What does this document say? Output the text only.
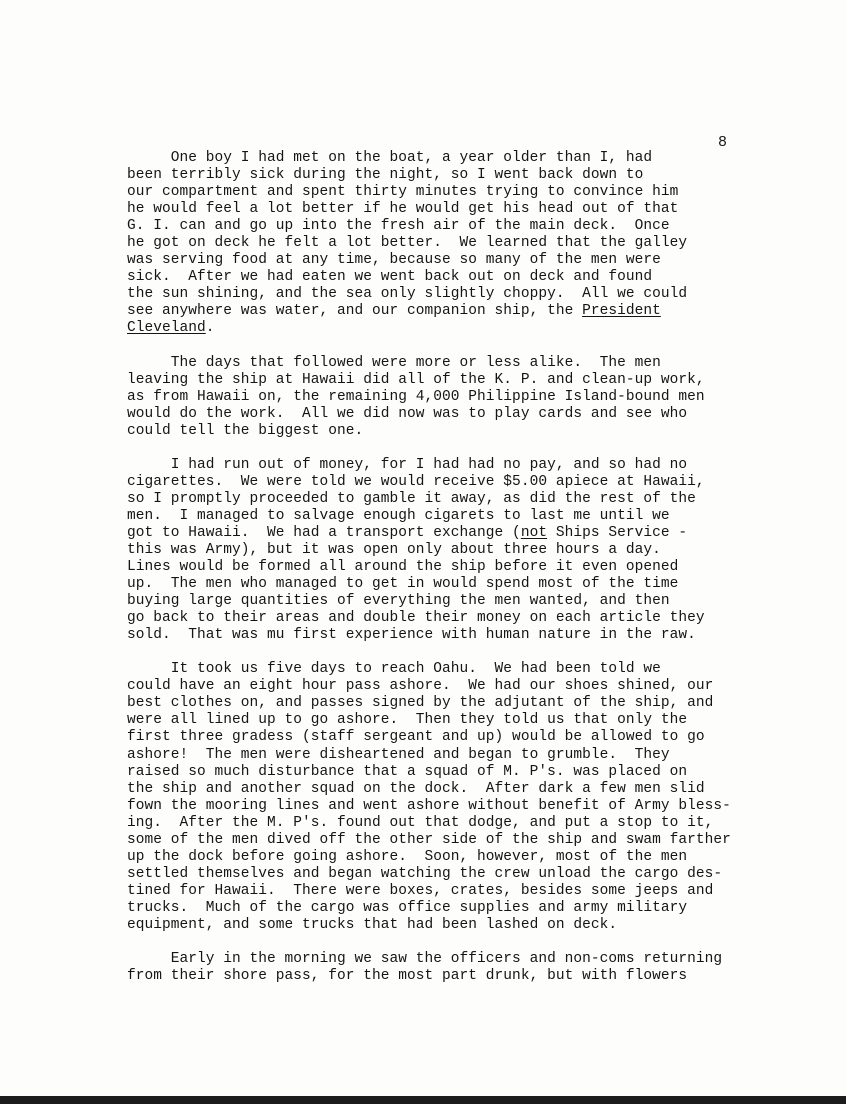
8

One boy I had met on the boat, a year older than I, had
been terribly sick during the night, so I went back down to
our compartment and spent thirty minutes trying to convince him
he would feel a lot better if he would get his head out of that
G. I. can and go up into the fresh air of the main deck.  Once
he got on deck he felt a lot better.  We learned that the galley
was serving food at any time, because so many of the men were
sick.  After we had eaten we went back out on deck and found
the sun shining, and the sea only slightly choppy.  All we could
see anywhere was water, and our companion ship, the President
Cleveland.
The days that followed were more or less alike.  The men
leaving the ship at Hawaii did all of the K. P. and clean-up work,
as from Hawaii on, the remaining 4,000 Philippine Island-bound men
would do the work.  All we did now was to play cards and see who
could tell the biggest one.
I had run out of money, for I had had no pay, and so had no
cigarettes.  We were told we would receive $5.00 apiece at Hawaii,
so I promptly proceeded to gamble it away, as did the rest of the
men.  I managed to salvage enough cigarets to last me until we
got to Hawaii.  We had a transport exchange (not Ships Service -
this was Army), but it was open only about three hours a day.
Lines would be formed all around the ship before it even opened
up.  The men who managed to get in would spend most of the time
buying large quantities of everything the men wanted, and then
go back to their areas and double their money on each article they
sold.  That was mu first experience with human nature in the raw.
It took us five days to reach Oahu.  We had been told we
could have an eight hour pass ashore.  We had our shoes shined, our
best clothes on, and passes signed by the adjutant of the ship, and
were all lined up to go ashore.  Then they told us that only the
first three gradess (staff sergeant and up) would be allowed to go
ashore!  The men were disheartened and began to grumble.  They
raised so much disturbance that a squad of M. P's. was placed on
the ship and another squad on the dock.  After dark a few men slid
fown the mooring lines and went ashore without benefit of Army bless-
ing.  After the M. P's. found out that dodge, and put a stop to it,
some of the men dived off the other side of the ship and swam farther
up the dock before going ashore.  Soon, however, most of the men
settled themselves and began watching the crew unload the cargo des-
tined for Hawaii.  There were boxes, crates, besides some jeeps and
trucks.  Much of the cargo was office supplies and army military
equipment, and some trucks that had been lashed on deck.
Early in the morning we saw the officers and non-coms returning
from their shore pass, for the most part drunk, but with flowers
